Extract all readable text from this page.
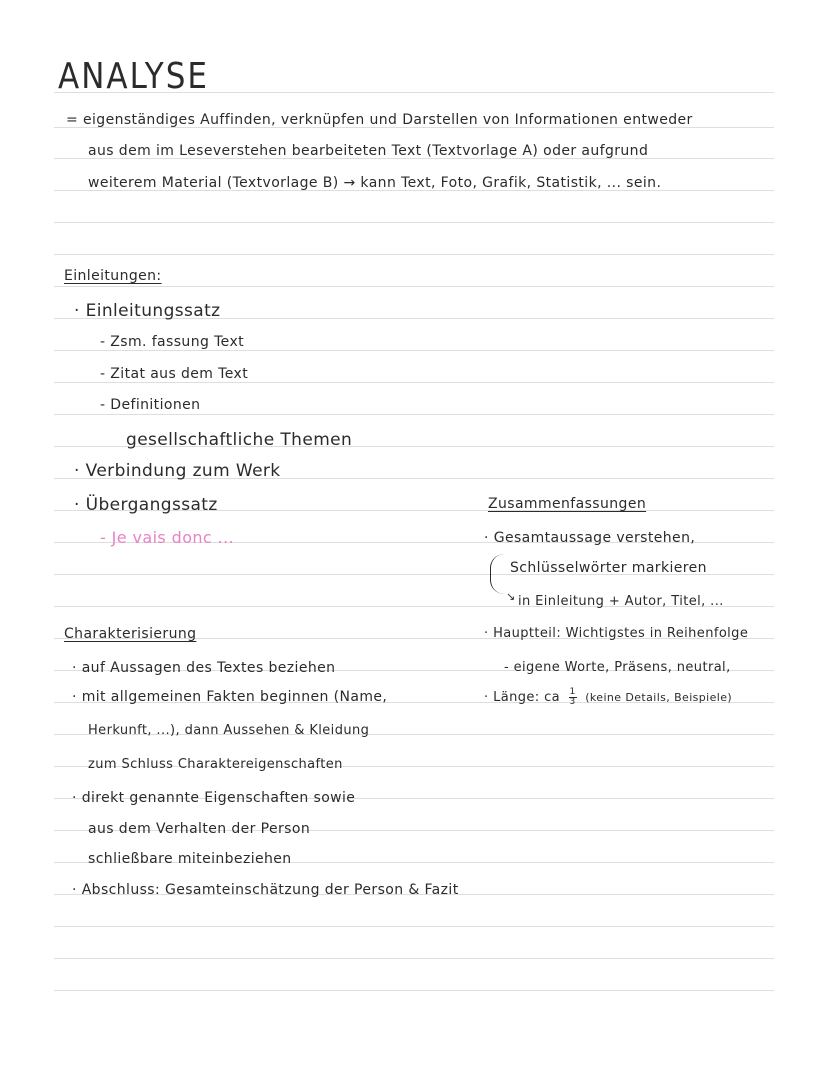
ANALYSE
= eigenständiges Auffinden, verknüpfen und Darstellen von Informationen entweder
aus dem im Leseverstehen bearbeiteten Text (Textvorlage A) oder aufgrund
weiterem Material (Textvorlage B) → kann Text, Foto, Grafik, Statistik, ... sein.
Einleitungen:
· Einleitungssatz
- Zsm. fassung Text
- Zitat aus dem Text
- Definitionen
gesellschaftliche Themen
· Verbindung zum Werk
· Übergangssatz
- Je vais donc ...
Zusammenfassungen
· Gesamtaussage verstehen,
Schlüsselwörter markieren
↘ in Einleitung + Autor, Titel, ...
· Hauptteil: Wichtigstes in Reihenfolge
- eigene Worte, Präsens, neutral,
· Länge: ca $\frac{1}{3}$ (keine Details, Beispiele)
Charakterisierung
· auf Aussagen des Textes beziehen
· mit allgemeinen Fakten beginnen (Name,
Herkunft, ...), dann Aussehen & Kleidung
zum Schluss Charaktereigenschaften
· direkt genannte Eigenschaften sowie
aus dem Verhalten der Person
schließbare miteinbeziehen
· Abschluss: Gesamteinschätzung der Person & Fazit
